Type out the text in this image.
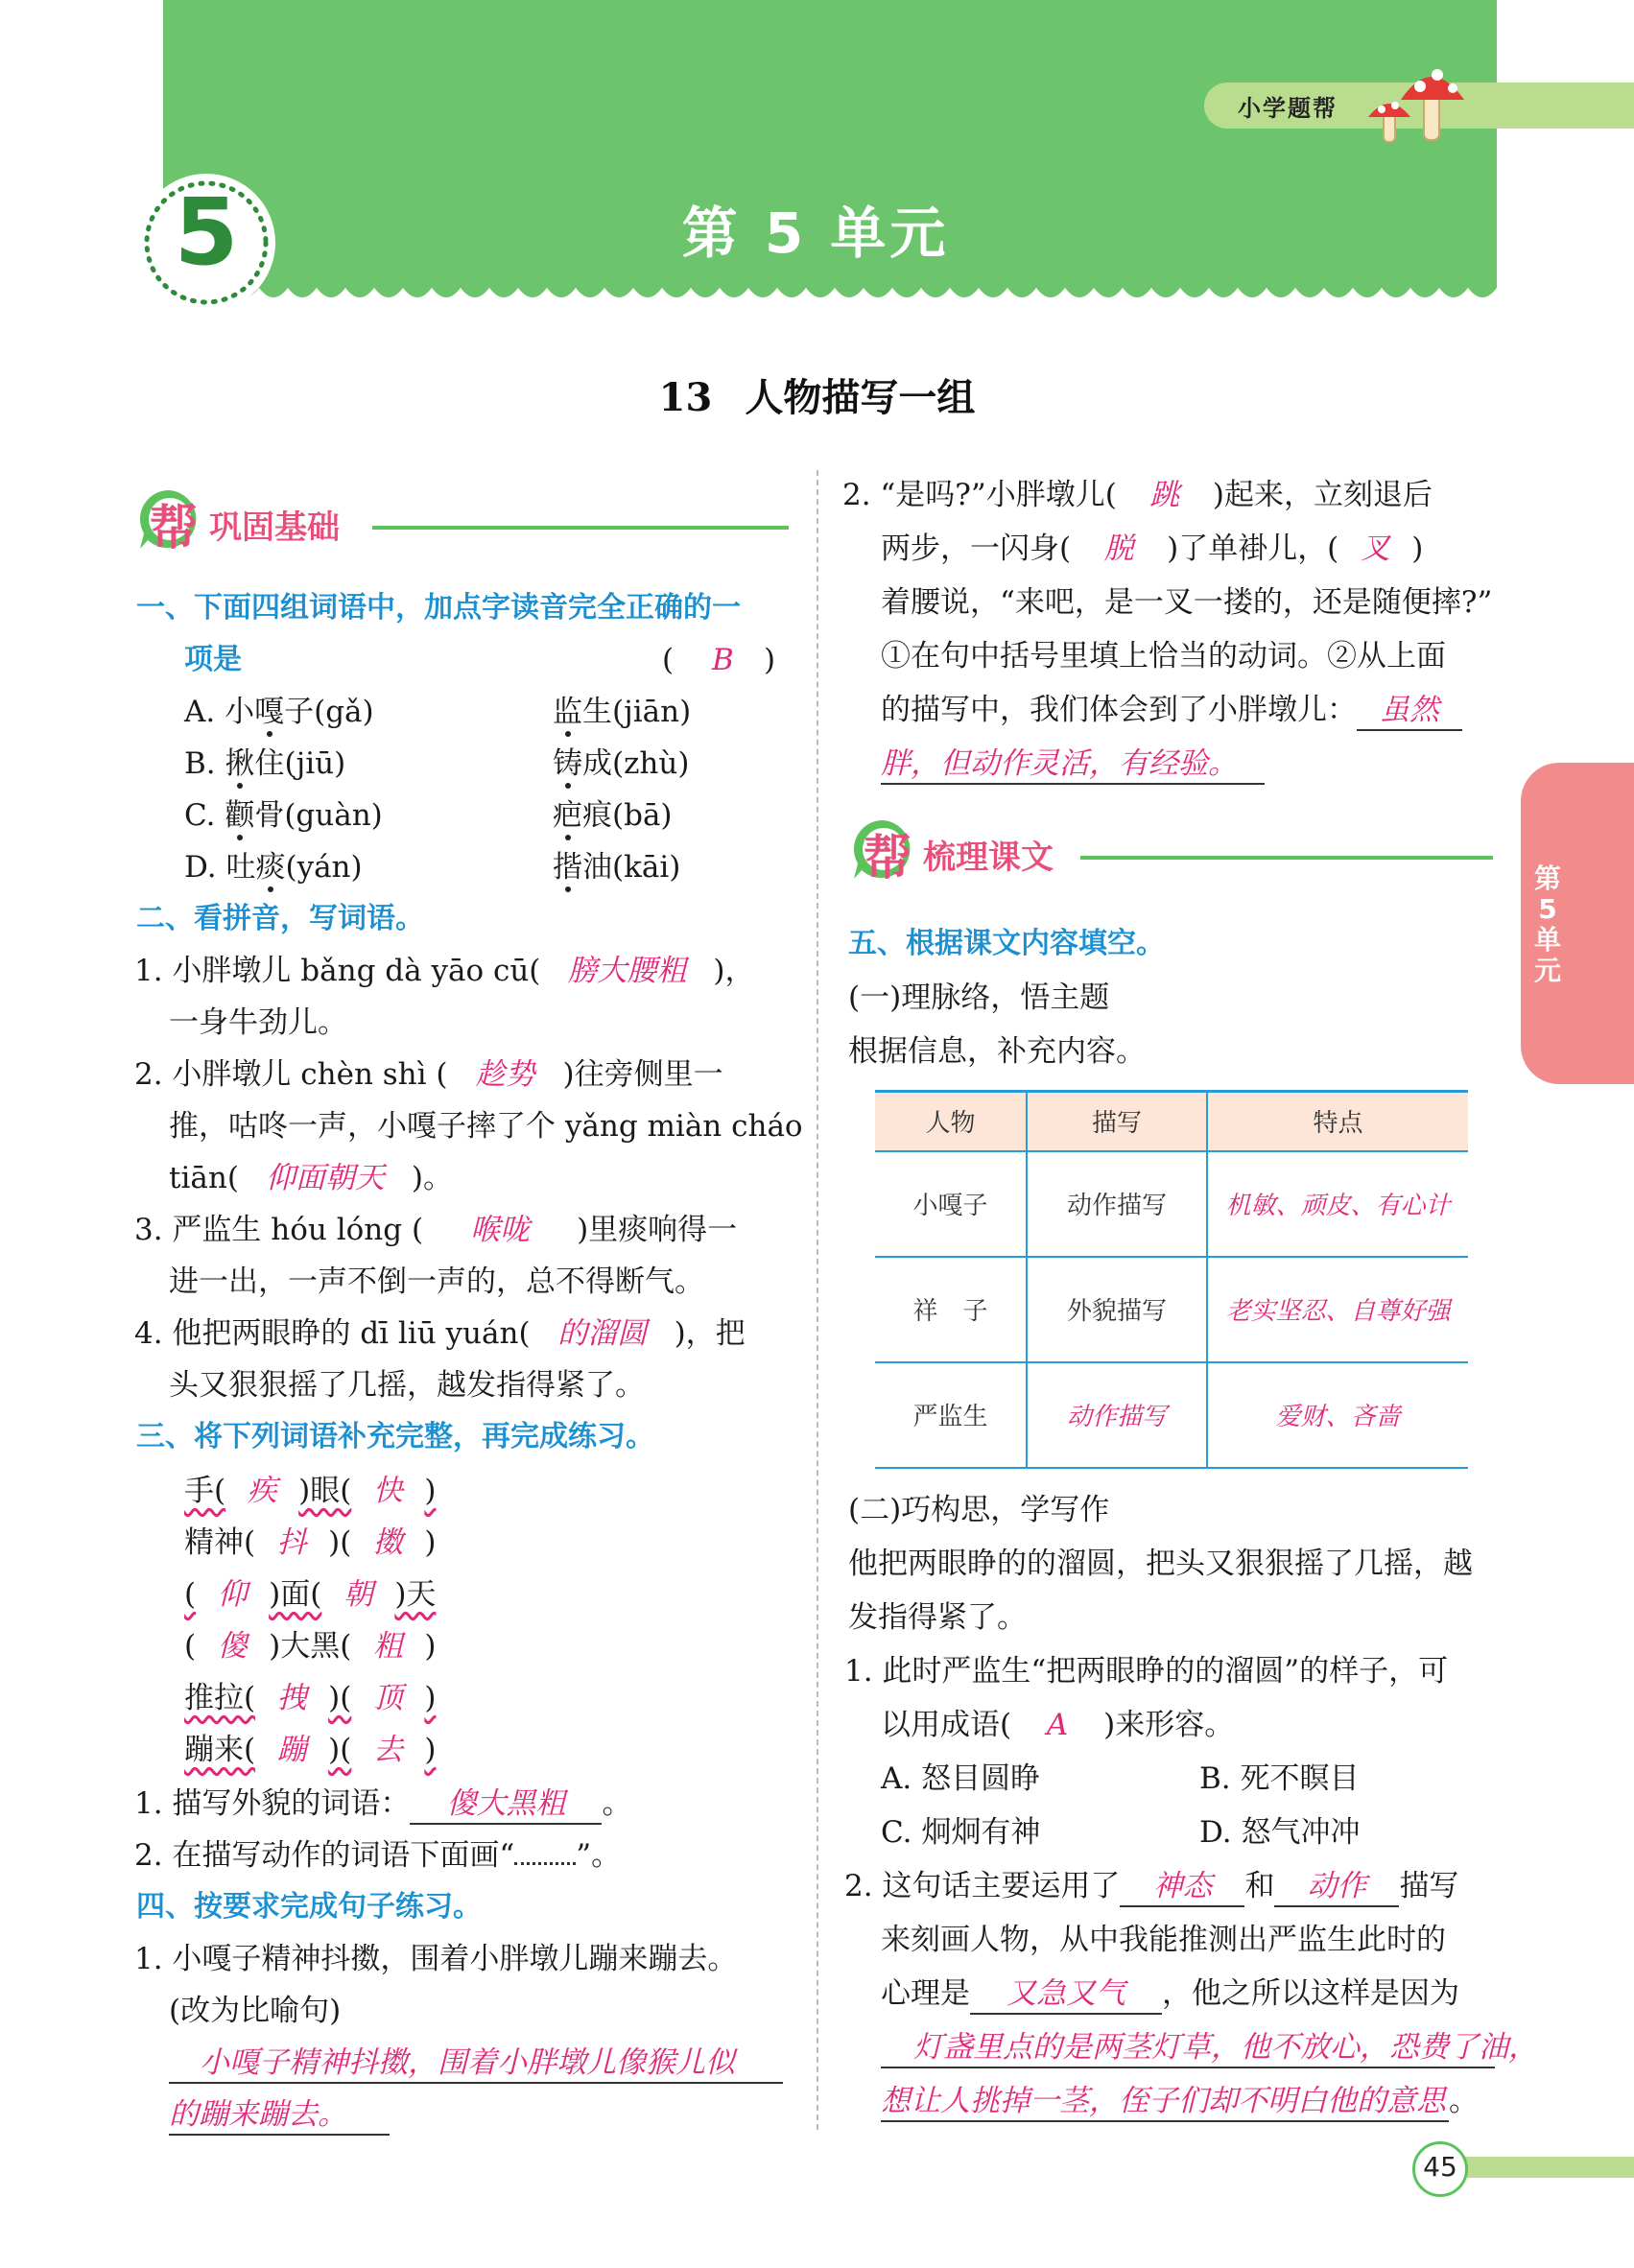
小学题帮
5	第 5 单元
13 人物描写一组
第5单元
帮 巩固基础
一、下面四组词语中，加点字读音完全正确的一
项是	( B )
A. 小嘎子(gǎ)	监生(jiān)
B. 揪住(jiū)	铸成(zhù)
C. 颧骨(guàn)	疤痕(bā)
D. 吐痰(yán)	揩油(kāi)
二、看拼音，写词语。
1. 小胖墩儿 bǎng dà yāo cū( 膀大腰粗 )，
一身牛劲儿。
2. 小胖墩儿 chèn shì ( 趁势 )往旁侧里一
推，咕咚一声，小嘎子摔了个 yǎng miàn cháo
tiān( 仰面朝天 )。
3. 严监生 hóu lóng ( 喉咙 )里痰响得一
进一出，一声不倒一声的，总不得断气。
4. 他把两眼睁的 dī liū yuán( 的溜圆 )，把
头又狠狠摇了几摇，越发指得紧了。
三、将下列词语补充完整，再完成练习。
手( 疾 )眼( 快 )
精神( 抖 )( 擞 )
( 仰 )面( 朝 )天
( 傻 )大黑( 粗 )
推拉( 拽 )( 顶 )
蹦来( 蹦 )( 去 )
1. 描写外貌的词语： 傻大黑粗 。
2. 在描写动作的词语下面画“ ”。
四、按要求完成句子练习。
1. 小嘎子精神抖擞，围着小胖墩儿蹦来蹦去。
(改为比喻句)
小嘎子精神抖擞，围着小胖墩儿像猴儿似
的蹦来蹦去。
2. “是吗?”小胖墩儿( 跳 )起来，立刻退后
两步，一闪身( 脱 )了单褂儿，( 叉 )
着腰说，“来吧，是一叉一搂的，还是随便摔?”
①在句中括号里填上恰当的动词。②从上面
的描写中，我们体会到了小胖墩儿： 虽然
胖，但动作灵活，有经验。
帮 梳理课文
五、根据课文内容填空。
(一)理脉络，悟主题
根据信息，补充内容。
人物	描写	特点
小嘎子	动作描写	机敏、顽皮、有心计
祥　子	外貌描写	老实坚忍、自尊好强
严监生	动作描写	爱财、吝啬
(二)巧构思，学写作
他把两眼睁的的溜圆，把头又狠狠摇了几摇，越
发指得紧了。
1. 此时严监生“把两眼睁的的溜圆”的样子，可
以用成语( A )来形容。
A. 怒目圆睁	B. 死不瞑目
C. 炯炯有神	D. 怒气冲冲
2. 这句话主要运用了 神态 和 动作 描写
来刻画人物，从中我能推测出严监生此时的
心理是 又急又气 ，他之所以这样是因为
灯盏里点的是两茎灯草，他不放心，恐费了油，
想让人挑掉一茎，侄子们却不明白他的意思。
45
